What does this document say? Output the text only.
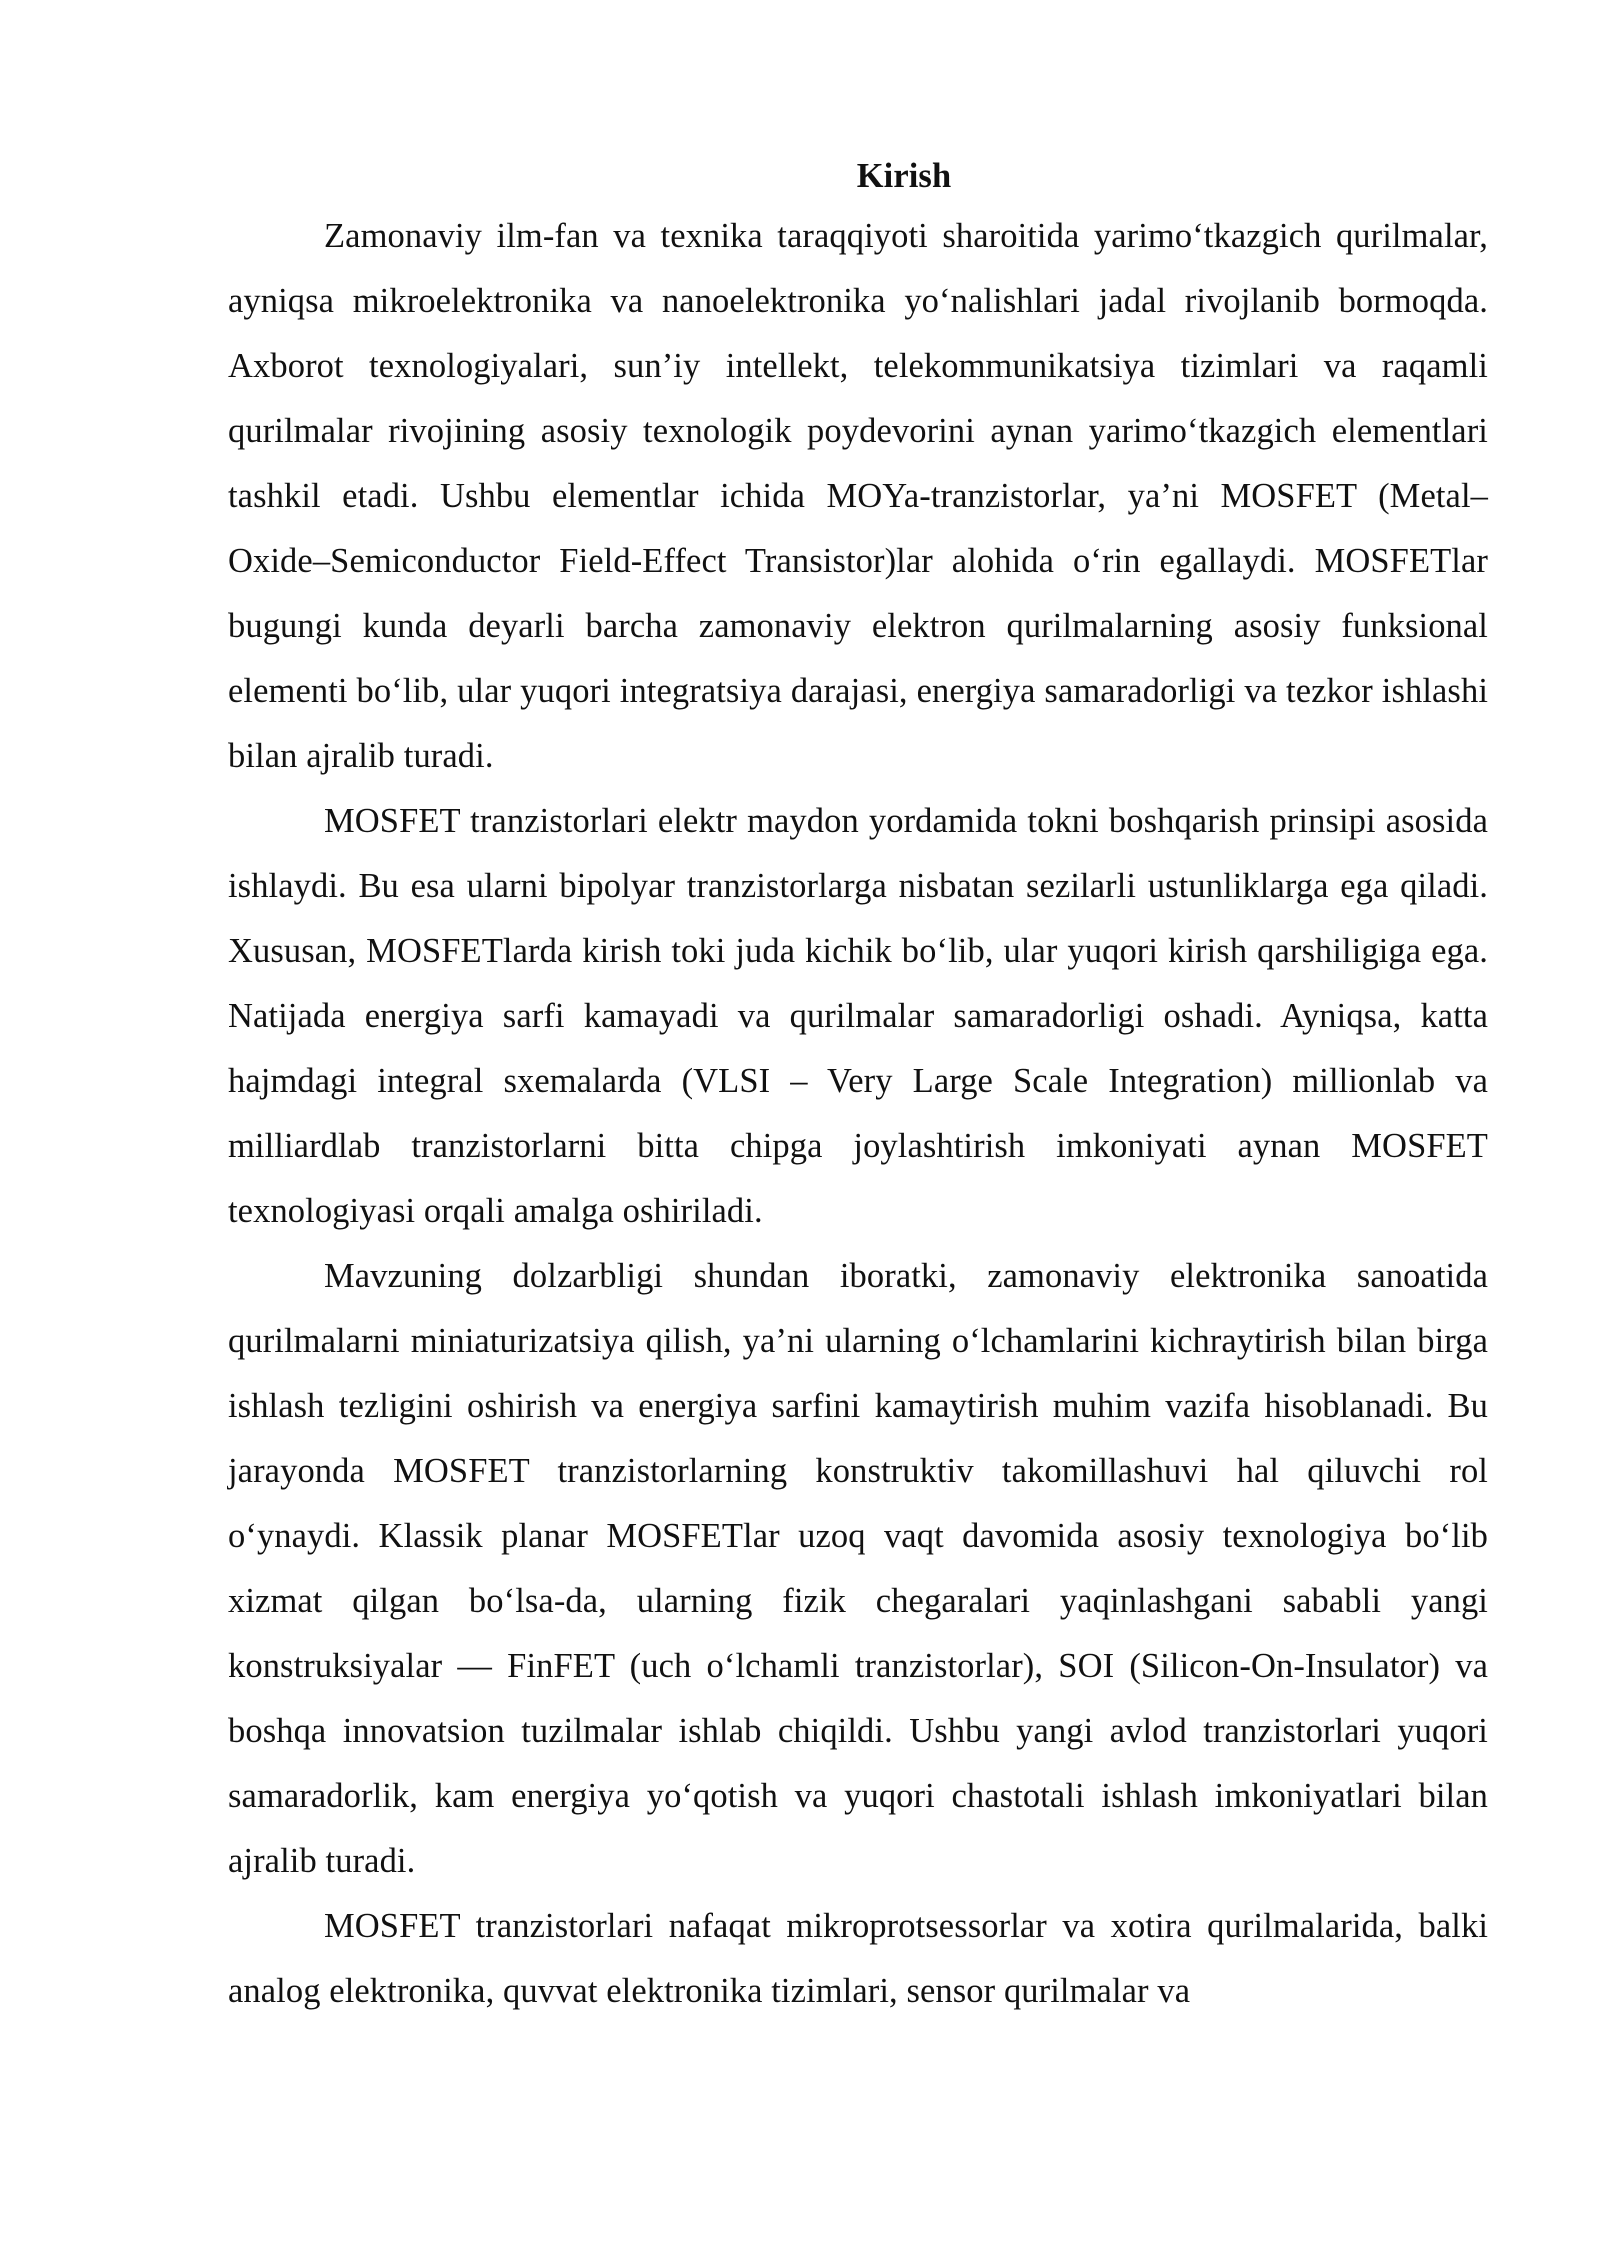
Kirish

Zamonaviy ilm-fan va texnika taraqqiyoti sharoitida yarimo‘tkazgich qurilmalar, ayniqsa mikroelektronika va nanoelektronika yo‘nalishlari jadal rivojlanib bormoqda. Axborot texnologiyalari, sun’iy intellekt, telekommunikatsiya tizimlari va raqamli qurilmalar rivojining asosiy texnologik poydevorini aynan yarimo‘tkazgich elementlari tashkil etadi. Ushbu elementlar ichida MOYa-tranzistorlar, ya’ni MOSFET (Metal–Oxide–Semiconductor Field-Effect Transistor)lar alohida o‘rin egallaydi. MOSFETlar bugungi kunda deyarli barcha zamonaviy elektron qurilmalarning asosiy funksional elementi bo‘lib, ular yuqori integratsiya darajasi, energiya samaradorligi va tezkor ishlashi bilan ajralib turadi.

MOSFET tranzistorlari elektr maydon yordamida tokni boshqarish prinsipi asosida ishlaydi. Bu esa ularni bipolyar tranzistorlarga nisbatan sezilarli ustunliklarga ega qiladi. Xususan, MOSFETlarda kirish toki juda kichik bo‘lib, ular yuqori kirish qarshiligiga ega. Natijada energiya sarfi kamayadi va qurilmalar samaradorligi oshadi. Ayniqsa, katta hajmdagi integral sxemalarda (VLSI – Very Large Scale Integration) millionlab va milliardlab tranzistorlarni bitta chipga joylashtirish imkoniyati aynan MOSFET texnologiyasi orqali amalga oshiriladi.

Mavzuning dolzarbligi shundan iboratki, zamonaviy elektronika sanoatida qurilmalarni miniaturizatsiya qilish, ya’ni ularning o‘lchamlarini kichraytirish bilan birga ishlash tezligini oshirish va energiya sarfini kamaytirish muhim vazifa hisoblanadi. Bu jarayonda MOSFET tranzistorlarning konstruktiv takomillashuvi hal qiluvchi rol o‘ynaydi. Klassik planar MOSFETlar uzoq vaqt davomida asosiy texnologiya bo‘lib xizmat qilgan bo‘lsa-da, ularning fizik chegaralari yaqinlashgani sababli yangi konstruksiyalar — FinFET (uch o‘lchamli tranzistorlar), SOI (Silicon-On-Insulator) va boshqa innovatsion tuzilmalar ishlab chiqildi. Ushbu yangi avlod tranzistorlari yuqori samaradorlik, kam energiya yo‘qotish va yuqori chastotali ishlash imkoniyatlari bilan ajralib turadi.

MOSFET tranzistorlari nafaqat mikroprotsessorlar va xotira qurilmalarida, balki analog elektronika, quvvat elektronika tizimlari, sensor qurilmalar va
